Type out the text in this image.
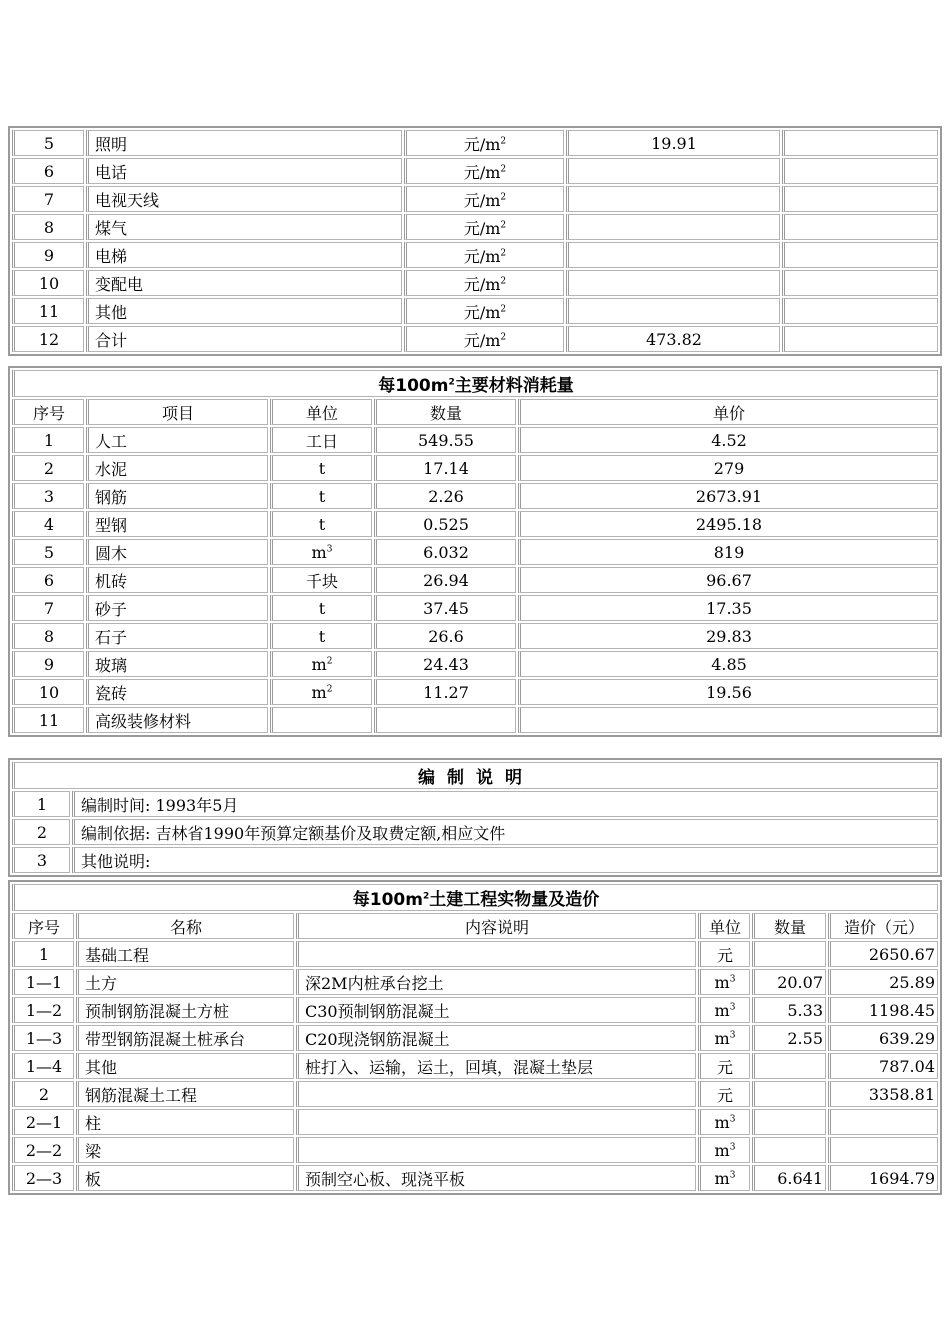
5	照明	元$/m^2$	19.91	
6	电话	元$/m^2$		
7	电视天线	元$/m^2$		
8	煤气	元$/m^2$		
9	电梯	元$/m^2$		
10	变配电	元$/m^2$		
11	其他	元$/m^2$		
12	合计	元$/m^2$	473.82	
每$100m^2$主要材料消耗量				
序号	项目	单位	数量	单价
1	人工	工日	549.55	4.52
2	水泥	t	17.14	279
3	钢筋	t	2.26	2673.91
4	型钢	t	0.525	2495.18
5	圆木	$m^3$	6.032	819
6	机砖	千块	26.94	96.67
7	砂子	t	37.45	17.35
8	石子	t	26.6	29.83
9	玻璃	$m^2$	24.43	4.85
10	瓷砖	$m^2$	11.27	19.56
11	高级装修材料			
编制说明	
1	编制时间: 1993年5月
2	编制依据: 吉林省1990年预算定额基价及取费定额,相应文件
3	其他说明:
每$100m^2$土建工程实物量及造价					
序号	名称	内容说明	单位	数量	造价（元）
1	基础工程		元		2650.67
1—1	土方	深2M内桩承台挖土	$m^3$	20.07	25.89
1—2	预制钢筋混凝土方桩	C30预制钢筋混凝土	$m^3$	5.33	1198.45
1—3	带型钢筋混凝土桩承台	C20现浇钢筋混凝土	$m^3$	2.55	639.29
1—4	其他	桩打入、运输，运土，回填，混凝土垫层	元		787.04
2	钢筋混凝土工程		元		3358.81
2—1	柱		$m^3$		
2—2	梁		$m^3$		
2—3	板	预制空心板、现浇平板	$m^3$	6.641	1694.79
